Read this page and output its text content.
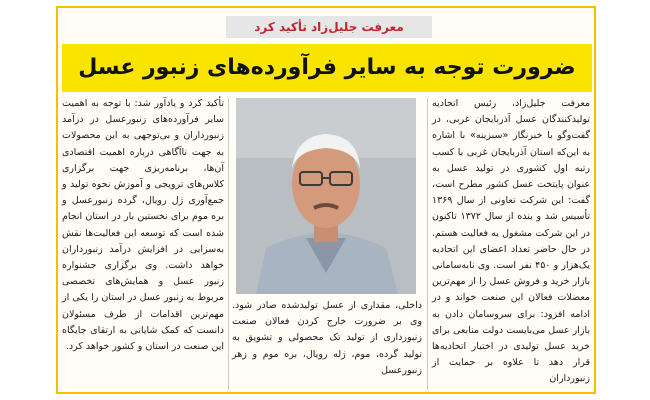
معرفت جلیل‌زاد تأکید کرد
ضرورت توجه به سایر فرآورده‌های زنبور عسل

معرفت جلیل‌زاد، رئیس اتحادیه تولیدکنندگان عسل آذربایجان غربی، در گفت‌وگو با خبرنگار «سبزینه» با اشاره به این‌که استان آذربایجان غربی با کسب رتبه اول کشوری در تولید عسل به عنوان پایتخت عسل کشور مطرح است، گفت: این شرکت تعاونی از سال ۱۳۶۹ تأسیس شد و بنده از سال ۱۳۷۲ تاکنون در این شرکت مشغول به فعالیت هستم. در حال حاضر تعداد اعضای این اتحادیه یک‌هزار و ۴۵۰ نفر است. وی نابه‌سامانی بازار خرید و فروش عسل را از مهم‌ترین معضلات فعالان این صنعت خواند و در ادامه افزود: برای سروسامان دادن به بازار عسل می‌بایست دولت منابعی برای خرید عسل تولیدی در اختیار اتحادیه‌ها قرار دهد تا علاوه بر حمایت از زنبورداران

داخلی، مقداری از عسل تولیدشده صادر شود. وی بر ضرورت خارج کردن فعالان صنعت زنبورداری از تولید تک محصولی و تشویق به تولید گرده، موم، ژله رویال، بره موم و زهر زنبورعسل

تأکید کرد و یادآور شد: با توجه به اهمیت سایر فرآورده‌های زنبورعسل در درآمد زنبورداران و بی‌توجهی به این محصولات به جهت ناآگاهی درباره اهمیت اقتصادی آن‌ها، برنامه‌ریزی جهت برگزاری کلاس‌های ترویجی و آموزش نحوه تولید و جمع‌آوری ژل رویال، گرده زنبورعسل و بره موم برای نخستین بار در استان انجام شده است که توسعه این فعالیت‌ها نقش به‌سزایی در افزایش درآمد زنبورداران خواهد داشت. وی برگزاری جشنواره زنبور عسل و همایش‌های تخصصی مربوط به زنبور عسل در استان را یکی از مهم‌ترین اقدامات از طرف مسئولان دانست که کمک شایانی به ارتقای جایگاه این صنعت در استان و کشور خواهد کرد.
